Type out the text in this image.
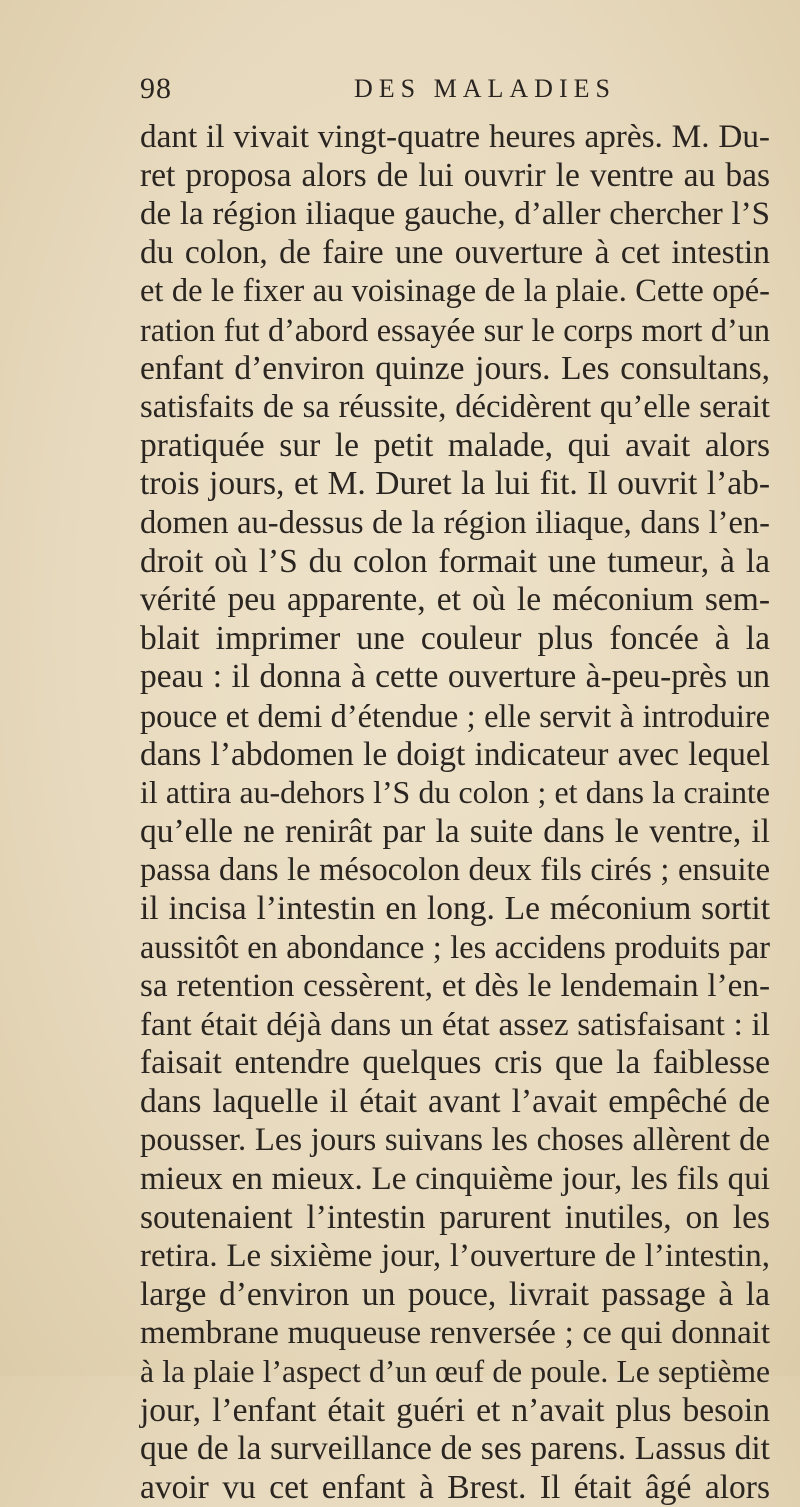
98	DES MALADIES
dant il vivait vingt-quatre heures après. M. Du-
ret proposa alors de lui ouvrir le ventre au bas
de la région iliaque gauche, d’aller chercher l’S
du colon, de faire une ouverture à cet intestin
et de le fixer au voisinage de la plaie. Cette opé-
ration fut d’abord essayée sur le corps mort d’un
enfant d’environ quinze jours. Les consultans,
satisfaits de sa réussite, décidèrent qu’elle serait
pratiquée sur le petit malade, qui avait alors
trois jours, et M. Duret la lui fit. Il ouvrit l’ab-
domen au-dessus de la région iliaque, dans l’en-
droit où l’S du colon formait une tumeur, à la
vérité peu apparente, et où le méconium sem-
blait imprimer une couleur plus foncée à la
peau : il donna à cette ouverture à-peu-près un
pouce et demi d’étendue ; elle servit à introduire
dans l’abdomen le doigt indicateur avec lequel
il attira au-dehors l’S du colon ; et dans la crainte
qu’elle ne renirât par la suite dans le ventre, il
passa dans le mésocolon deux fils cirés ; ensuite
il incisa l’intestin en long. Le méconium sortit
aussitôt en abondance ; les accidens produits par
sa retention cessèrent, et dès le lendemain l’en-
fant était déjà dans un état assez satisfaisant : il
faisait entendre quelques cris que la faiblesse
dans laquelle il était avant l’avait empêché de
pousser. Les jours suivans les choses allèrent de
mieux en mieux. Le cinquième jour, les fils qui
soutenaient l’intestin parurent inutiles, on les
retira. Le sixième jour, l’ouverture de l’intestin,
large d’environ un pouce, livrait passage à la
membrane muqueuse renversée ; ce qui donnait
à la plaie l’aspect d’un œuf de poule. Le septième
jour, l’enfant était guéri et n’avait plus besoin
que de la surveillance de ses parens. Lassus dit
avoir vu cet enfant à Brest. Il était âgé alors
